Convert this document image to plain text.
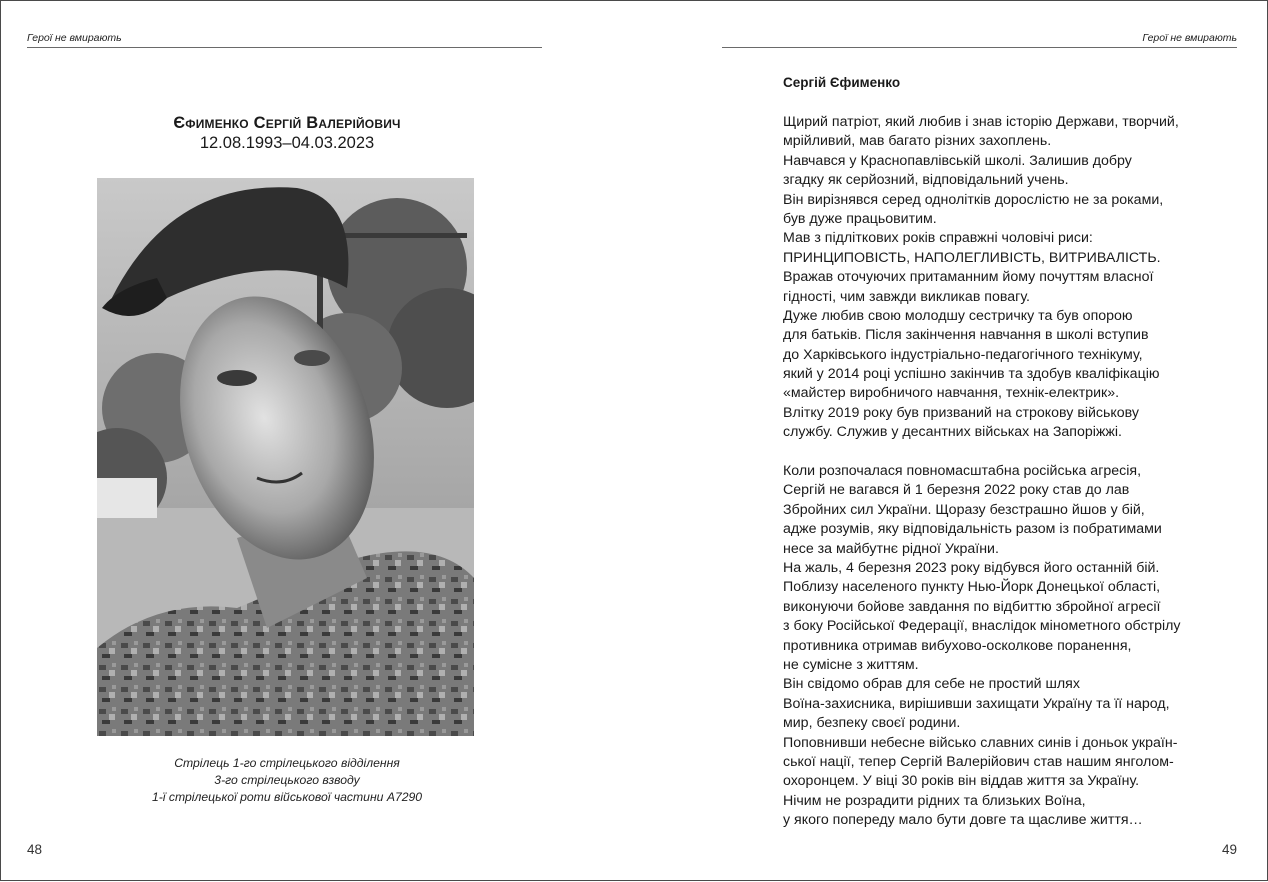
Герої не вмирають
Єфименко Сергій Валерійович
12.08.1993–04.03.2023
Стрілець 1-го стрілецького відділення
3-го стрілецького взводу
1-ї стрілецької роти військової частини А7290
48
Герої не вмирають
Сергій Єфименко
Щирий патріот, який любив і знав історію Держави, творчий,
мрійливий, мав багато різних захоплень.
Навчався у Краснопавлівській школі. Залишив добру
згадку як серйозний, відповідальний учень.
Він вирізнявся серед однолітків дорослістю не за роками,
був дуже працьовитим.
Мав з підліткових років справжні чоловічі риси:
ПРИНЦИПОВІСТЬ, НАПОЛЕГЛИВІСТЬ, ВИТРИВАЛІСТЬ.
Вражав оточуючих притаманним йому почуттям власної
гідності, чим завжди викликав повагу.
Дуже любив свою молодшу сестричку та був опорою
для батьків. Після закінчення навчання в школі вступив
до Харківського індустріально-педагогічного технікуму,
який у 2014 році успішно закінчив та здобув кваліфікацію
«майстер виробничого навчання, технік-електрик».
Влітку 2019 року був призваний на строкову військову
службу. Служив у десантних військах на Запоріжжі.
Коли розпочалася повномасштабна російська агресія,
Сергій не вагався й 1 березня 2022 року став до лав
Збройних сил України. Щоразу безстрашно йшов у бій,
адже розумів, яку відповідальність разом із побратимами
несе за майбутнє рідної України.
На жаль, 4 березня 2023 року відбувся його останній бій.
Поблизу населеного пункту Нью-Йорк Донецької області,
виконуючи бойове завдання по відбиттю збройної агресії
з боку Російської Федерації, внаслідок мінометного обстрілу
противника отримав вибухово-осколкове поранення,
не сумісне з життям.
Він свідомо обрав для себе не простий шлях
Воїна-захисника, вирішивши захищати Україну та її народ,
мир, безпеку своєї родини.
Поповнивши небесне військо славних синів і доньок україн-
ської нації, тепер Сергій Валерійович став нашим янголом-
охоронцем. У віці 30 років він віддав життя за Україну.
Нічим не розрадити рідних та близьких Воїна,
у якого попереду мало бути довге та щасливе життя…
49
